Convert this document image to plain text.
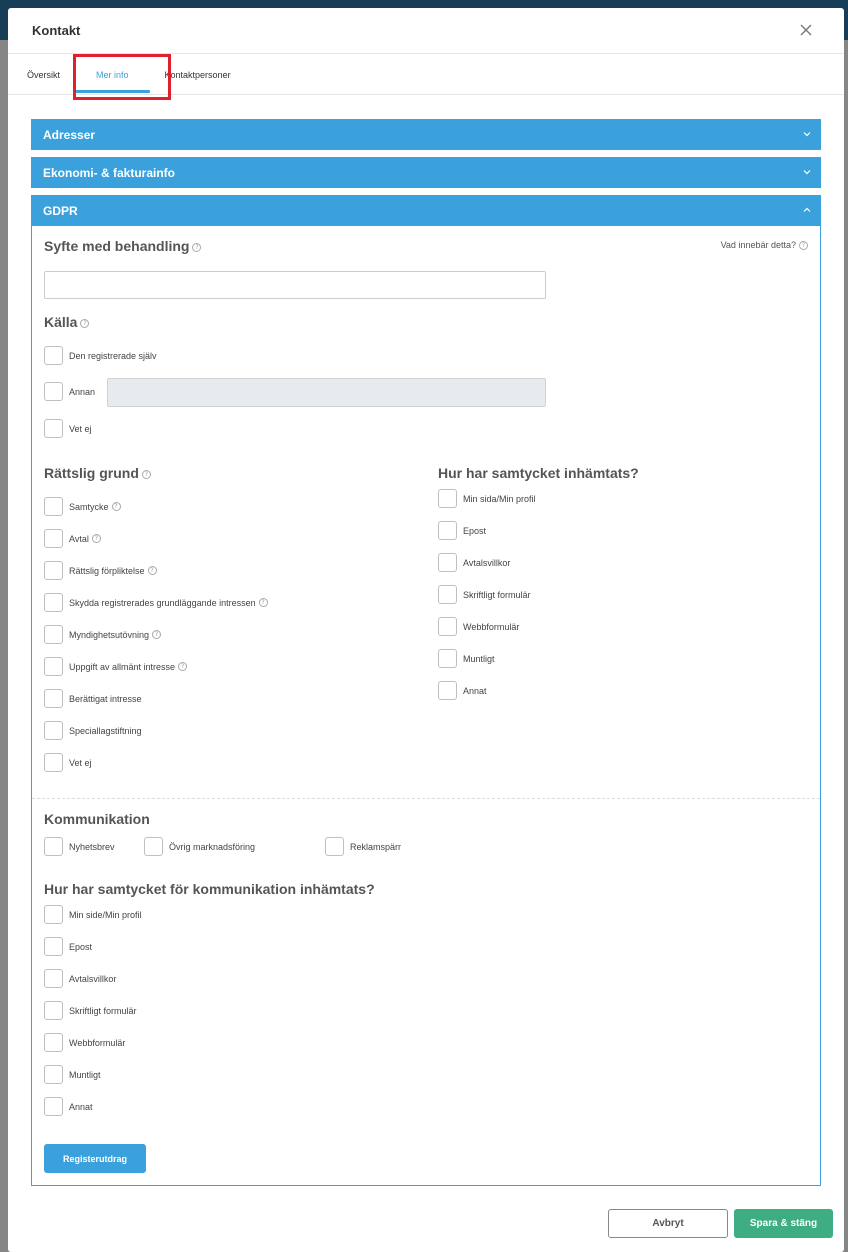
Kontakt
Översikt	Mer info	Kontaktpersoner
Adresser
Ekonomi- & fakturainfo
GDPR
Syfte med behandling ?	Vad innebär detta? ?
Källa ?
Den registrerade själv
Annan
Vet ej
Rättslig grund ?
Samtycke ?
Avtal ?
Rättslig förpliktelse ?
Skydda registrerades grundläggande intressen ?
Myndighetsutövning ?
Uppgift av allmänt intresse ?
Berättigat intresse
Speciallagstiftning
Vet ej
Hur har samtycket inhämtats?
Min sida/Min profil
Epost
Avtalsvillkor
Skriftligt formulär
Webbformulär
Muntligt
Annat
Kommunikation
Nyhetsbrev	Övrig marknadsföring	Reklamspärr
Hur har samtycket för kommunikation inhämtats?
Min side/Min profil
Epost
Avtalsvillkor
Skriftligt formulär
Webbformulär
Muntligt
Annat
Registerutdrag
Avbryt	Spara & stäng
